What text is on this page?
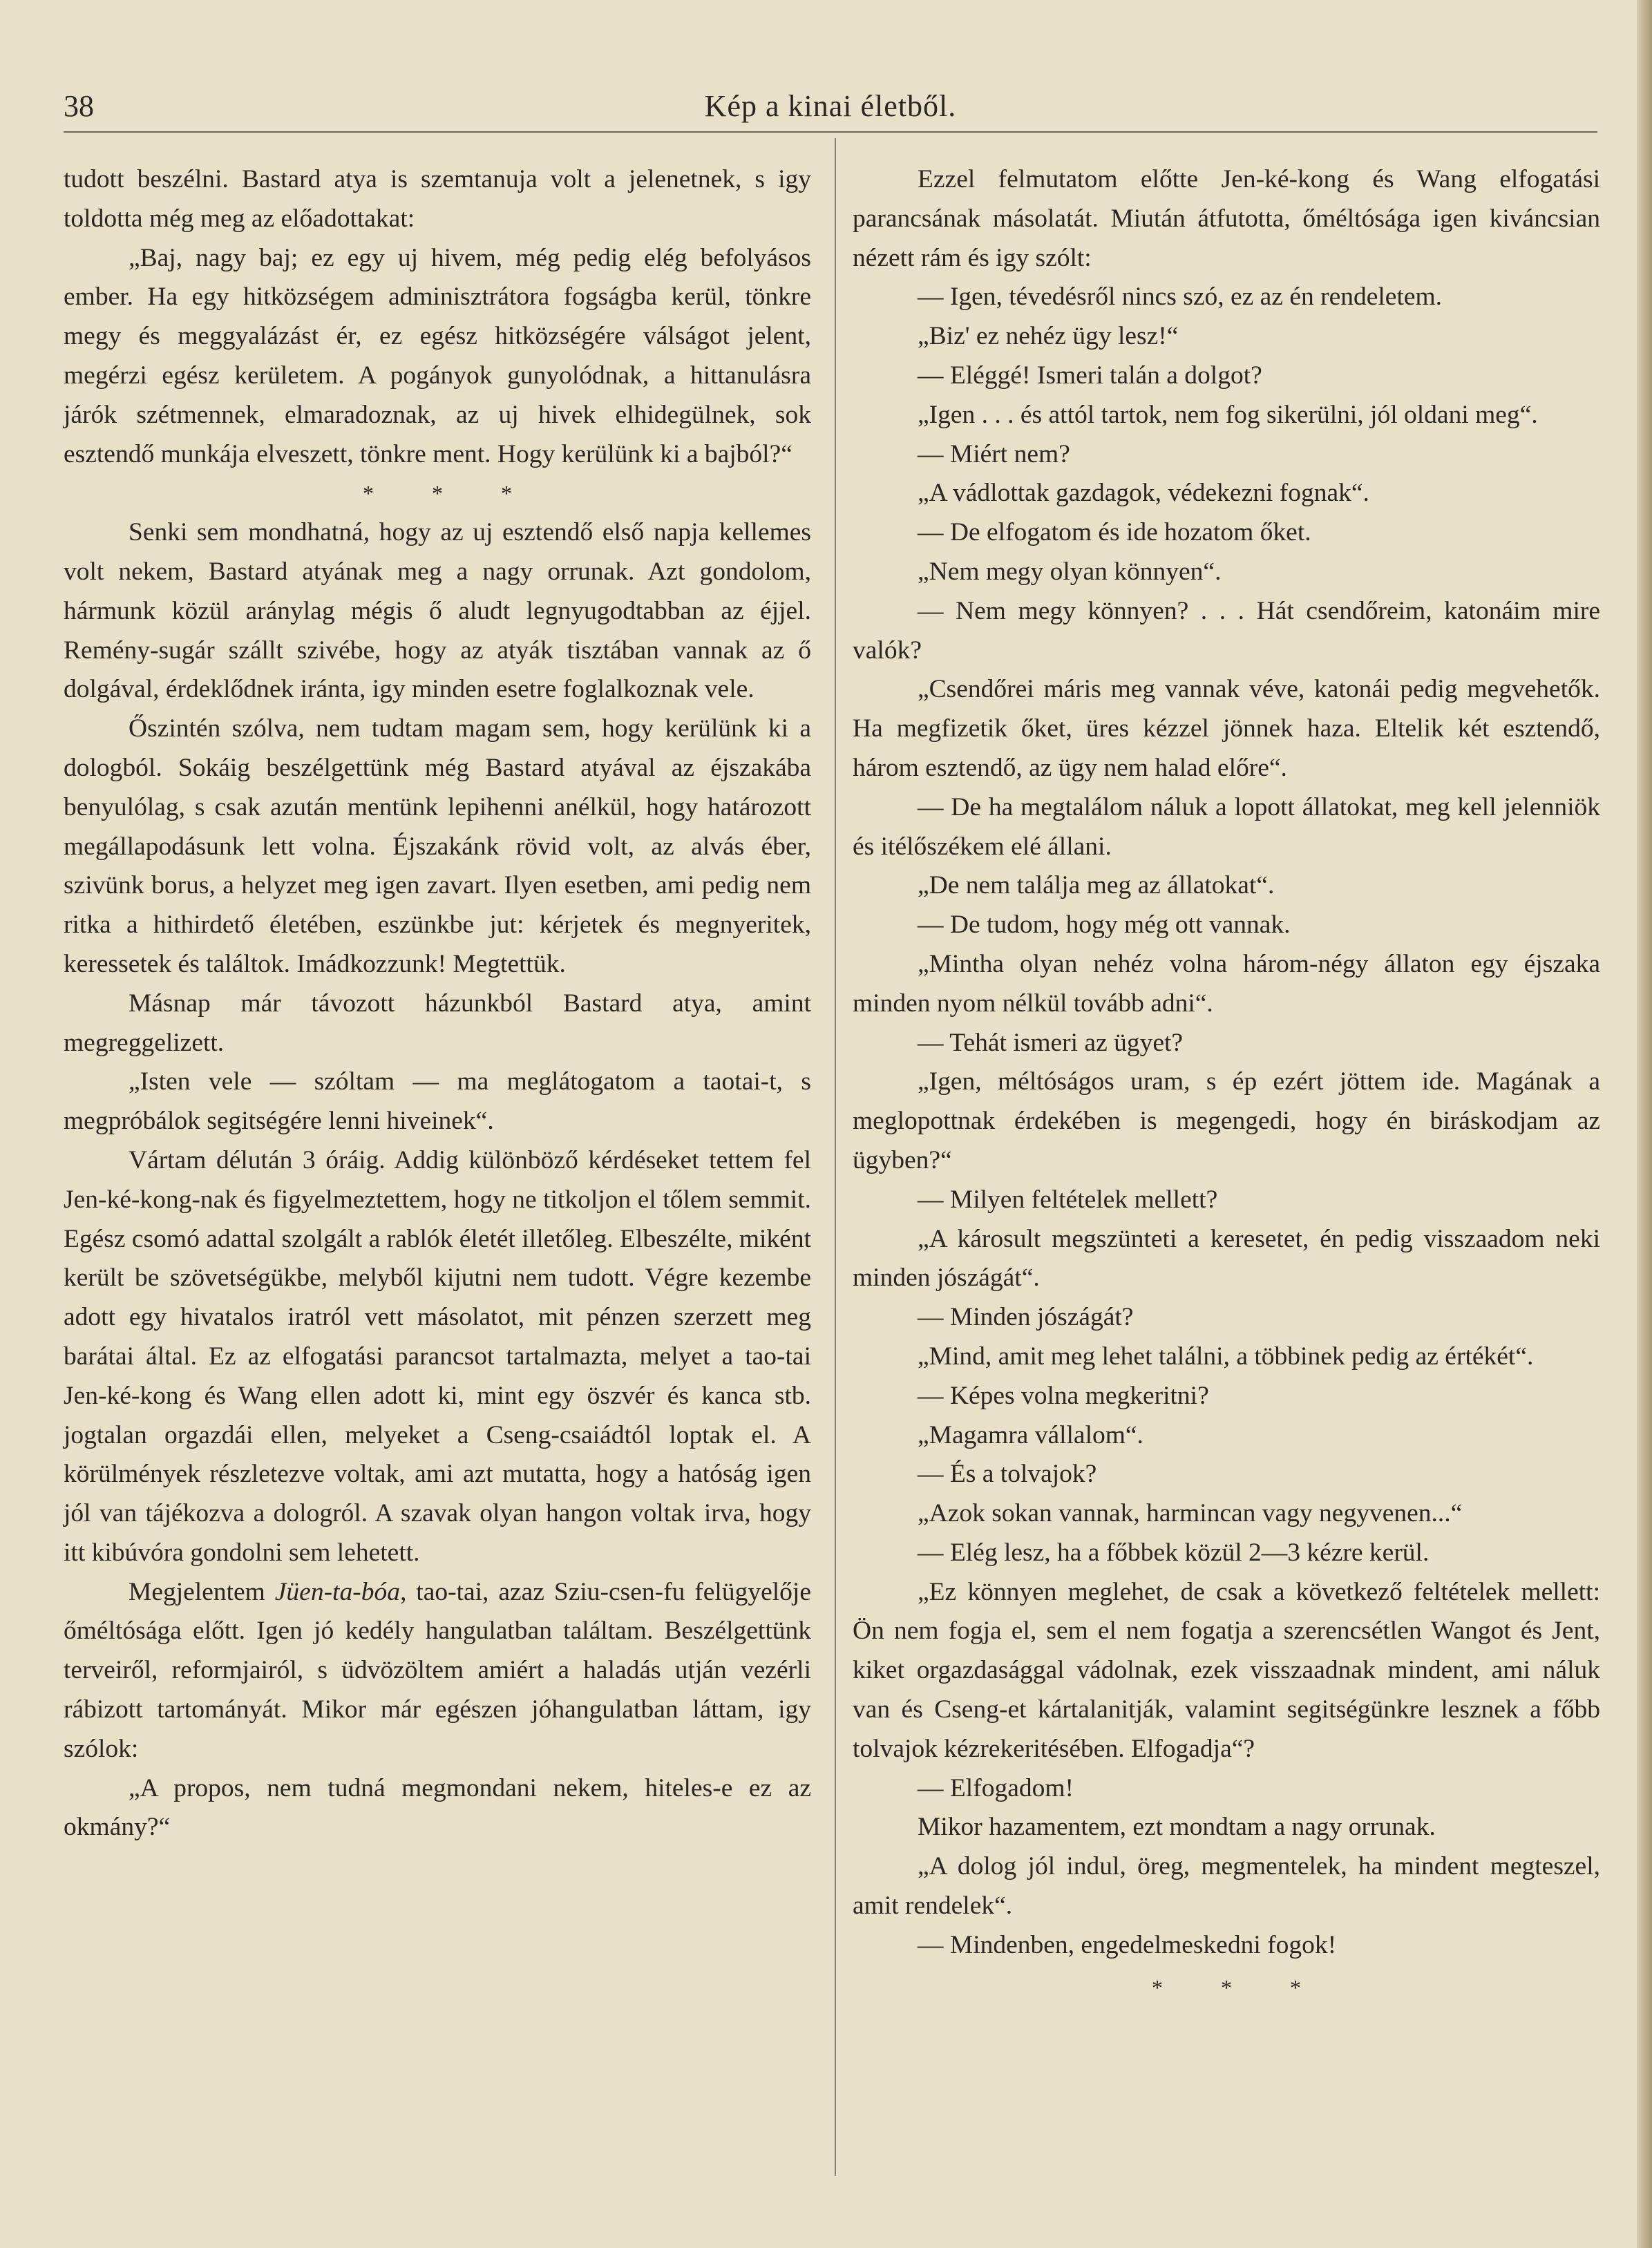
38	Kép a kinai életből.

tudott beszélni. Bastard atya is szemtanuja volt a jelenetnek, s igy toldotta még meg az előadottakat:

„Baj, nagy baj; ez egy uj hivem, még pedig elég befolyásos ember. Ha egy hitközségem adminisztrátora fogságba kerül, tönkre megy és meggyalázást ér, ez egész hitközségére válságot jelent, megérzi egész kerületem. A pogányok gunyolódnak, a hittanulásra járók szétmennek, elmaradoznak, az uj hivek elhidegülnek, sok esztendő munkája elveszett, tönkre ment. Hogy kerülünk ki a bajból?“

* * *

Senki sem mondhatná, hogy az uj esztendő első napja kellemes volt nekem, Bastard atyának meg a nagy orrunak. Azt gondolom, hármunk közül aránylag mégis ő aludt legnyugodtabban az éjjel. Remény-sugár szállt szivébe, hogy az atyák tisztában vannak az ő dolgával, érdeklődnek iránta, igy minden esetre foglalkoznak vele.

Őszintén szólva, nem tudtam magam sem, hogy kerülünk ki a dologból. Sokáig beszélgettünk még Bastard atyával az éjszakába benyulólag, s csak azután mentünk lepihenni anélkül, hogy határozott megállapodásunk lett volna. Éjszakánk rövid volt, az alvás éber, szivünk borus, a helyzet meg igen zavart. Ilyen esetben, ami pedig nem ritka a hithirdető életében, eszünkbe jut: kérjetek és megnyeritek, keressetek és találtok. Imádkozzunk! Megtettük.

Másnap már távozott házunkból Bastard atya, amint megreggelizett.

„Isten vele — szóltam — ma meglátogatom a taotai-t, s megpróbálok segitségére lenni hiveinek“.

Vártam délután 3 óráig. Addig különböző kérdéseket tettem fel Jen-ké-kong-nak és figyelmeztettem, hogy ne titkoljon el tőlem semmit. Egész csomó adattal szolgált a rablók életét illetőleg. Elbeszélte, miként került be szövetségükbe, melyből kijutni nem tudott. Végre kezembe adott egy hivatalos iratról vett másolatot, mit pénzen szerzett meg barátai által. Ez az elfogatási parancsot tartalmazta, melyet a tao-tai Jen-ké-kong és Wang ellen adott ki, mint egy öszvér és kanca stb. jogtalan orgazdái ellen, melyeket a Cseng-csaiádtól loptak el. A körülmények részletezve voltak, ami azt mutatta, hogy a hatóság igen jól van tájékozva a dologról. A szavak olyan hangon voltak irva, hogy itt kibúvóra gondolni sem lehetett.

Megjelentem Jüen-ta-bóa, tao-tai, azaz Sziu-csen-fu felügyelője őméltósága előtt. Igen jó kedély hangulatban találtam. Beszélgettünk terveiről, reformjairól, s üdvözöltem amiért a haladás utján vezérli rábizott tartományát. Mikor már egészen jóhangulatban láttam, igy szólok:

„A propos, nem tudná megmondani nekem, hiteles-e ez az okmány?“

Ezzel felmutatom előtte Jen-ké-kong és Wang elfogatási parancsának másolatát. Miután átfutotta, őméltósága igen kiváncsian nézett rám és igy szólt:

— Igen, tévedésről nincs szó, ez az én rendeletem.

„Biz' ez nehéz ügy lesz!“

— Eléggé! Ismeri talán a dolgot?

„Igen . . . és attól tartok, nem fog sikerülni, jól oldani meg“.

— Miért nem?

„A vádlottak gazdagok, védekezni fognak“.

— De elfogatom és ide hozatom őket.

„Nem megy olyan könnyen“.

— Nem megy könnyen? . . . Hát csendőreim, katonáim mire valók?

„Csendőrei máris meg vannak véve, katonái pedig megvehetők. Ha megfizetik őket, üres kézzel jönnek haza. Eltelik két esztendő, három esztendő, az ügy nem halad előre“.

— De ha megtalálom náluk a lopott állatokat, meg kell jelenniök és itélőszékem elé állani.

„De nem találja meg az állatokat“.

— De tudom, hogy még ott vannak.

„Mintha olyan nehéz volna három-négy állaton egy éjszaka minden nyom nélkül tovább adni“.

— Tehát ismeri az ügyet?

„Igen, méltóságos uram, s ép ezért jöttem ide. Magának a meglopottnak érdekében is megengedi, hogy én biráskodjam az ügyben?“

— Milyen feltételek mellett?

„A károsult megszünteti a keresetet, én pedig visszaadom neki minden jószágát“.

— Minden jószágát?

„Mind, amit meg lehet találni, a többinek pedig az értékét“.

— Képes volna megkeritni?

„Magamra vállalom“.

— És a tolvajok?

„Azok sokan vannak, harmincan vagy negyvenen...“

— Elég lesz, ha a főbbek közül 2—3 kézre kerül.

„Ez könnyen meglehet, de csak a következő feltételek mellett: Ön nem fogja el, sem el nem fogatja a szerencsétlen Wangot és Jent, kiket orgazdasággal vádolnak, ezek visszaadnak mindent, ami náluk van és Cseng-et kártalanitják, valamint segitségünkre lesznek a főbb tolvajok kézrekeritésében. Elfogadja“?

— Elfogadom!

Mikor hazamentem, ezt mondtam a nagy orrunak.

„A dolog jól indul, öreg, megmentelek, ha mindent megteszel, amit rendelek“.

— Mindenben, engedelmeskedni fogok!

* * *
